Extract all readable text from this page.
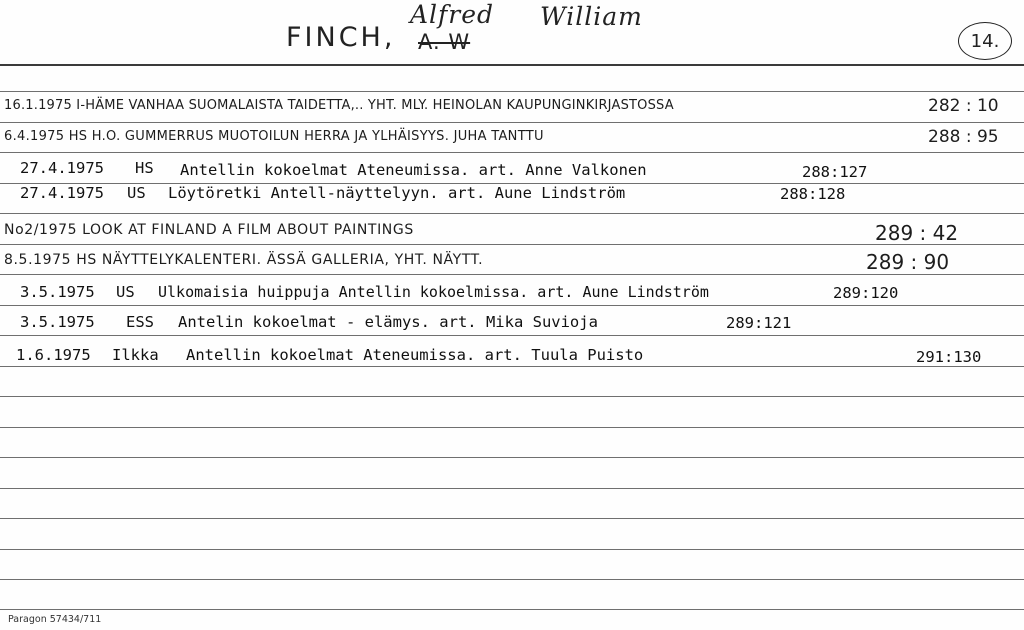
FINCH, A. W
Alfred William
14.
16.1.1975 I-HÄME VANHAA SUOMALAISTA TAIDETTA,.. YHT. MLY. HEINOLAN KAUPUNGINKIRJASTOSSA	282 : 10
6.4.1975 HS H.O. GUMMERRUS MUOTOILUN HERRA JA YLHÄISYYS. JUHA TANTTU	288 : 95
27.4.1975 HS Antellin kokoelmat Ateneumissa. art. Anne Valkonen	288:127
27.4.1975 US Löytöretki Antell-näyttelyyn. art. Aune Lindström	288:128
No2/1975 LOOK AT FINLAND A FILM ABOUT PAINTINGS	289 : 42
8.5.1975 HS NÄYTTELYKALENTERI. ÄSSÄ GALLERIA, YHT. NÄYTT.	289 : 90
3.5.1975 US Ulkomaisia huippuja Antellin kokoelmissa. art. Aune Lindström	289:120
3.5.1975 ESS Antelin kokoelmat - elämys. art. Mika Suvioja	289:121
1.6.1975 Ilkka Antellin kokoelmat Ateneumissa. art. Tuula Puisto	291:130
Paragon 57434/711
